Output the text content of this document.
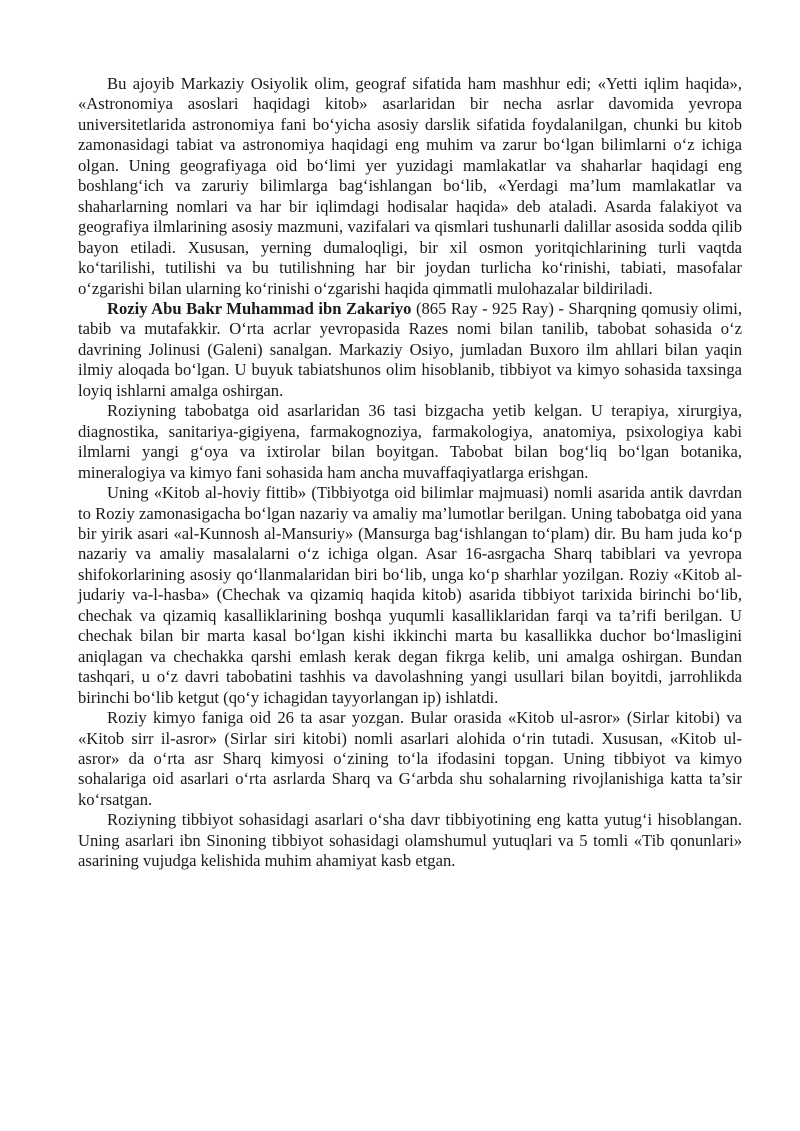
Bu ajoyib Markaziy Osiyolik olim, geograf sifatida ham mashhur edi; «Yetti iqlim haqida», «Astronomiya asoslari haqidagi kitob» asarlaridan bir necha asrlar davomida yevropa universitetlarida astronomiya fani bo‘yicha asosiy darslik sifatida foydalanilgan, chunki bu kitob zamonasidagi tabiat va astronomiya haqidagi eng muhim va zarur bo‘lgan bilimlarni o‘z ichiga olgan. Uning geografiyaga oid bo‘limi yer yuzidagi mamlakatlar va shaharlar haqidagi eng boshlang‘ich va zaruriy bilimlarga bag‘ishlangan bo‘lib, «Yerdagi ma’lum mamlakatlar va shaharlarning nomlari va har bir iqlimdagi hodisalar haqida» deb ataladi. Asarda falakiyot va geografiya ilmlarining asosiy mazmuni, vazifalari va qismlari tushunarli dalillar asosida sodda qilib bayon etiladi. Xususan, yerning dumaloqligi, bir xil osmon yoritqichlarining turli vaqtda ko‘tarilishi, tutilishi va bu tutilishning har bir joydan turlicha ko‘rinishi, tabiati, masofalar o‘zgarishi bilan ularning ko‘rinishi o‘zgarishi haqida qimmatli mulohazalar bildiriladi.

Roziy Abu Bakr Muhammad ibn Zakariyo (865 Ray - 925 Ray) - Sharqning qomusiy olimi, tabib va mutafakkir. O‘rta acrlar yevropasida Razes nomi bilan tanilib, tabobat sohasida o‘z davrining Jolinusi (Galeni) sanalgan. Markaziy Osiyo, jumladan Buxoro ilm ahllari bilan yaqin ilmiy aloqada bo‘lgan. U buyuk tabiatshunos olim hisoblanib, tibbiyot va kimyo sohasida taxsinga loyiq ishlarni amalga oshirgan.

Roziyning tabobatga oid asarlaridan 36 tasi bizgacha yetib kelgan. U terapiya, xirurgiya, diagnostika, sanitariya-gigiyena, farmakognoziya, farmakologiya, anatomiya, psixologiya kabi ilmlarni yangi g‘oya va ixtirolar bilan boyitgan. Tabobat bilan bog‘liq bo‘lgan botanika, mineralogiya va kimyo fani sohasida ham ancha muvaffaqiyatlarga erishgan.

Uning «Kitob al-hoviy fittib» (Tibbiyotga oid bilimlar majmuasi) nomli asarida antik davrdan to Roziy zamonasigacha bo‘lgan nazariy va amaliy ma’lumotlar berilgan. Uning tabobatga oid yana bir yirik asari «al-Kunnosh al-Mansuriy» (Mansurga bag‘ishlangan to‘plam) dir. Bu ham juda ko‘p nazariy va amaliy masalalarni o‘z ichiga olgan. Asar 16-asrgacha Sharq tabiblari va yevropa shifokorlarining asosiy qo‘llanmalaridan biri bo‘lib, unga ko‘p sharhlar yozilgan. Roziy «Kitob al-judariy va-l-hasba» (Chechak va qizamiq haqida kitob) asarida tibbiyot tarixida birinchi bo‘lib, chechak va qizamiq kasalliklarining boshqa yuqumli kasalliklaridan farqi va ta’rifi berilgan. U chechak bilan bir marta kasal bo‘lgan kishi ikkinchi marta bu kasallikka duchor bo‘lmasligini aniqlagan va chechakka qarshi emlash kerak degan fikrga kelib, uni amalga oshirgan. Bundan tashqari, u o‘z davri tabobatini tashhis va davolashning yangi usullari bilan boyitdi, jarrohlikda birinchi bo‘lib ketgut (qo‘y ichagidan tayyorlangan ip) ishlatdi.

Roziy kimyo faniga oid 26 ta asar yozgan. Bular orasida «Kitob ul-asror» (Sirlar kitobi) va «Kitob sirr il-asror» (Sirlar siri kitobi) nomli asarlari alohida o‘rin tutadi. Xususan, «Kitob ul-asror» da o‘rta asr Sharq kimyosi o‘zining to‘la ifodasini topgan. Uning tibbiyot va kimyo sohalariga oid asarlari o‘rta asrlarda Sharq va G‘arbda shu sohalarning rivojlanishiga katta ta’sir ko‘rsatgan.

Roziyning tibbiyot sohasidagi asarlari o‘sha davr tibbiyotining eng katta yutug‘i hisoblangan. Uning asarlari ibn Sinoning tibbiyot sohasidagi olamshumul yutuqlari va 5 tomli «Tib qonunlari» asarining vujudga kelishida muhim ahamiyat kasb etgan.
